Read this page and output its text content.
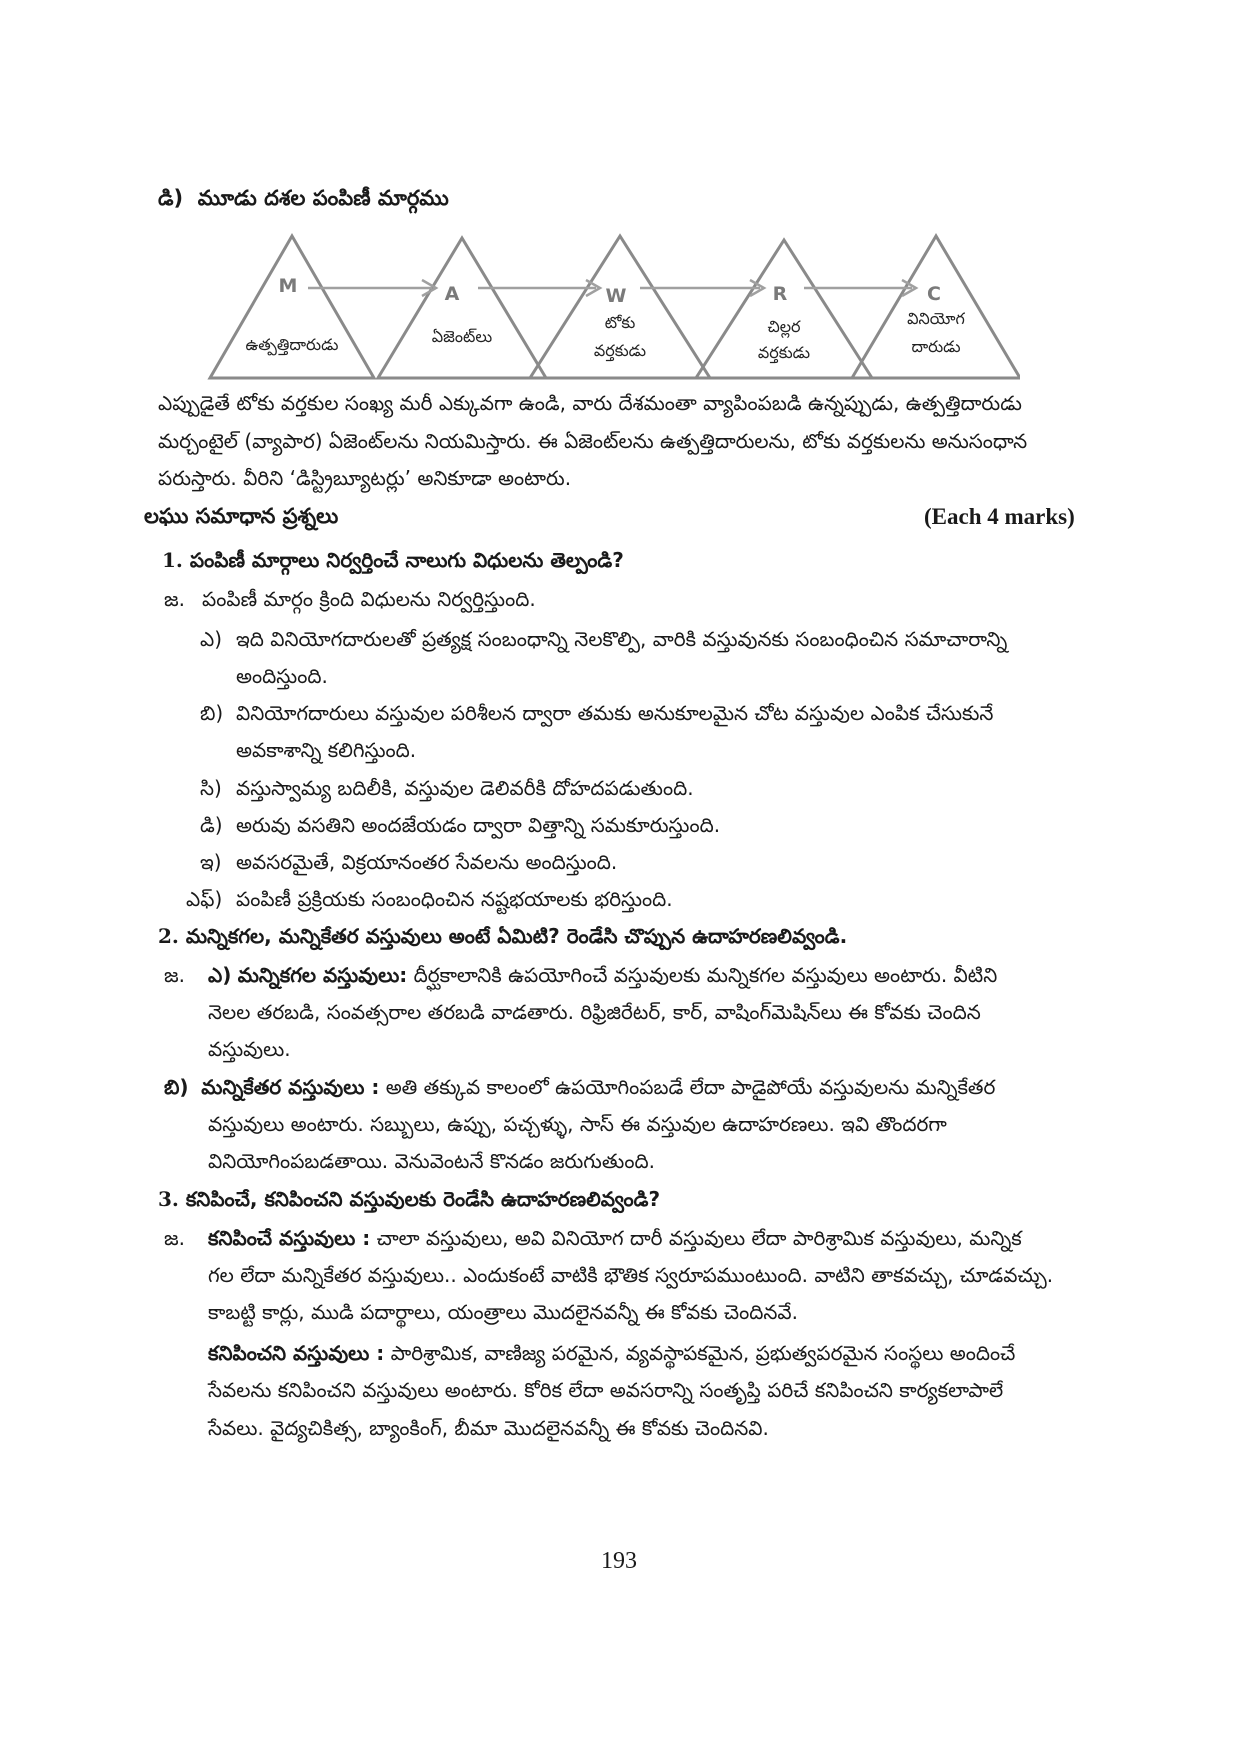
డి) మూడు దశల పంపిణీ మార్గము
M	A	W	R	C
ఉత్పత్తిదారుడు	ఏజెంట్‌లు
టోకు
వర్తకుడు
చిల్లర
వర్తకుడు
వినియోగ
దారుడు
ఎప్పుడైతే టోకు వర్తకుల సంఖ్య మరీ ఎక్కువగా ఉండి, వారు దేశమంతా వ్యాపింపబడి ఉన్నప్పుడు, ఉత్పత్తిదారుడు
మర్చంటైల్ (వ్యాపార) ఏజెంట్‌లను నియమిస్తారు. ఈ ఏజెంట్‌లను ఉత్పత్తిదారులను, టోకు వర్తకులను అనుసంధాన
పరుస్తారు. వీరిని ‘డిస్ట్రిబ్యూటర్లు’ అనికూడా అంటారు.
లఘు సమాధాన ప్రశ్నలు	(Each 4 marks)
1. పంపిణీ మార్గాలు నిర్వర్తించే నాలుగు విధులను తెల్పండి?
జ. పంపిణీ మార్గం క్రింది విధులను నిర్వర్తిస్తుంది.
ఎ) ఇది వినియోగదారులతో ప్రత్యక్ష సంబంధాన్ని నెలకొల్పి, వారికి వస్తువునకు సంబంధించిన సమాచారాన్ని
అందిస్తుంది.
బి) వినియోగదారులు వస్తువుల పరిశీలన ద్వారా తమకు అనుకూలమైన చోట వస్తువుల ఎంపిక చేసుకునే
అవకాశాన్ని కలిగిస్తుంది.
సి) వస్తుస్వామ్య బదిలీకి, వస్తువుల డెలివరీకి దోహదపడుతుంది.
డి) అరువు వసతిని అందజేయడం ద్వారా విత్తాన్ని సమకూరుస్తుంది.
ఇ) అవసరమైతే, విక్రయానంతర సేవలను అందిస్తుంది.
ఎఫ్) పంపిణీ ప్రక్రియకు సంబంధించిన నష్టభయాలకు భరిస్తుంది.
2. మన్నికగల, మన్నికేతర వస్తువులు అంటే ఏమిటి? రెండేసి చొప్పున ఉదాహరణలివ్వండి.
జ. ఎ) మన్నికగల వస్తువులు: దీర్ఘకాలానికి ఉపయోగించే వస్తువులకు మన్నికగల వస్తువులు అంటారు. వీటిని
నెలల తరబడి, సంవత్సరాల తరబడి వాడతారు. రిఫ్రిజిరేటర్, కార్, వాషింగ్‌మెషిన్‌లు ఈ కోవకు చెందిన
వస్తువులు.
బి) మన్నికేతర వస్తువులు : అతి తక్కువ కాలంలో ఉపయోగింపబడే లేదా పాడైపోయే వస్తువులను మన్నికేతర
వస్తువులు అంటారు. సబ్బులు, ఉప్పు, పచ్చళ్ళు, సాస్ ఈ వస్తువుల ఉదాహరణలు. ఇవి తొందరగా
వినియోగింపబడతాయి. వెనువెంటనే కొనడం జరుగుతుంది.
3. కనిపించే, కనిపించని వస్తువులకు రెండేసి ఉదాహరణలివ్వండి?
జ. కనిపించే వస్తువులు : చాలా వస్తువులు, అవి వినియోగ దారీ వస్తువులు లేదా పారిశ్రామిక వస్తువులు, మన్నిక
గల లేదా మన్నికేతర వస్తువులు.. ఎందుకంటే వాటికి భౌతిక స్వరూపముంటుంది. వాటిని తాకవచ్చు, చూడవచ్చు.
కాబట్టి కార్లు, ముడి పదార్థాలు, యంత్రాలు మొదలైనవన్నీ ఈ కోవకు చెందినవే.
కనిపించని వస్తువులు : పారిశ్రామిక, వాణిజ్య పరమైన, వ్యవస్థాపకమైన, ప్రభుత్వపరమైన సంస్థలు అందించే
సేవలను కనిపించని వస్తువులు అంటారు. కోరిక లేదా అవసరాన్ని సంతృప్తి పరిచే కనిపించని కార్యకలాపాలే
సేవలు. వైద్యచికిత్స, బ్యాంకింగ్, బీమా మొదలైనవన్నీ ఈ కోవకు చెందినవి.
193
